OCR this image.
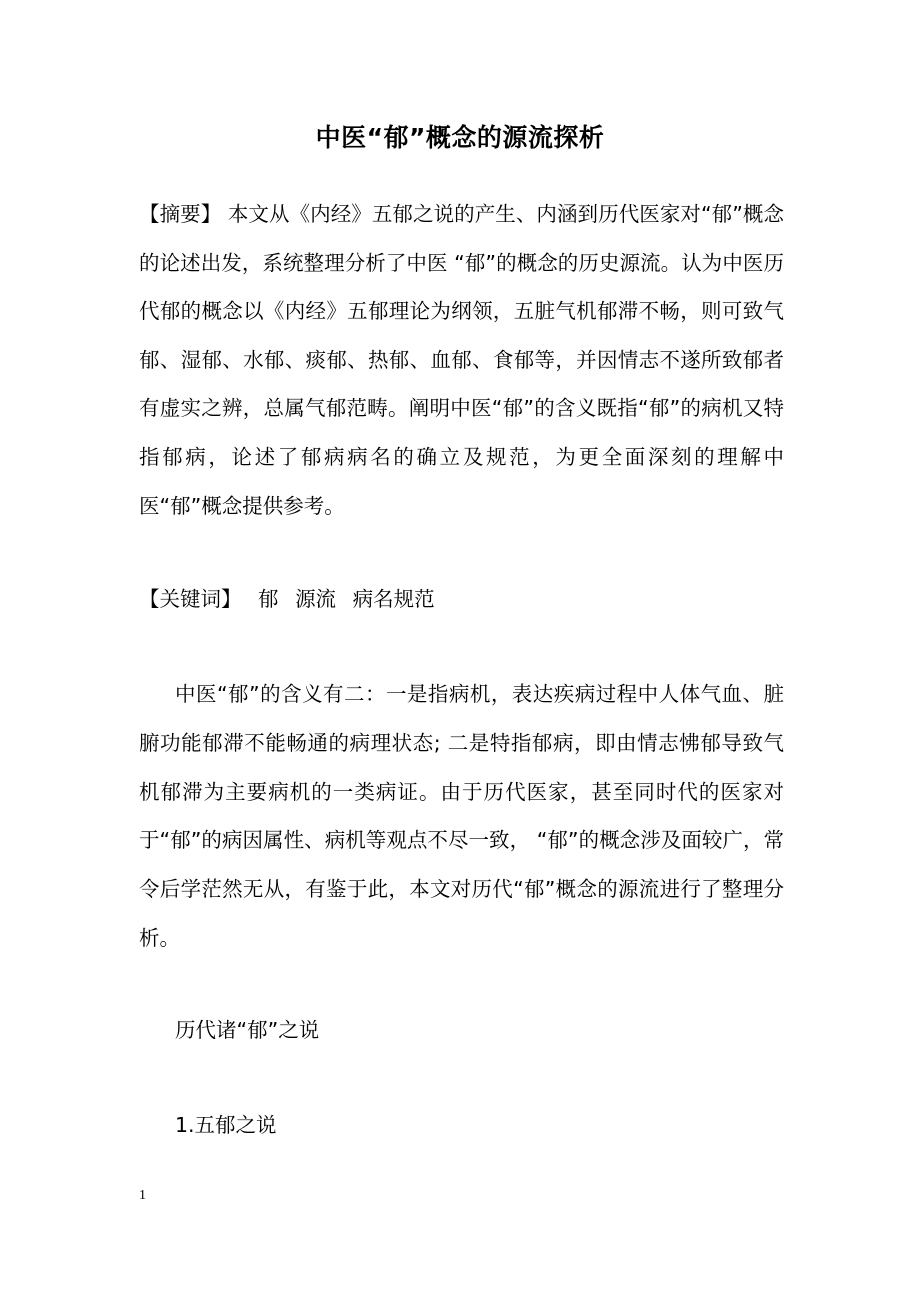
中医“郁”概念的源流探析
【摘要】 本文从《内经》五郁之说的产生、内涵到历代医家对“郁”概念的论述出发，系统整理分析了中医 “郁”的概念的历史源流。认为中医历代郁的概念以《内经》五郁理论为纲领，五脏气机郁滞不畅，则可致气郁、湿郁、水郁、痰郁、热郁、血郁、食郁等，并因情志不遂所致郁者有虚实之辨，总属气郁范畴。阐明中医“郁”的含义既指“郁”的病机又特指郁病，论述了郁病病名的确立及规范，为更全面深刻的理解中医“郁”概念提供参考。
【关键词】 郁 源流 病名规范
中医“郁”的含义有二：一是指病机，表达疾病过程中人体气血、脏腑功能郁滞不能畅通的病理状态; 二是特指郁病，即由情志怫郁导致气机郁滞为主要病机的一类病证。由于历代医家，甚至同时代的医家对于“郁”的病因属性、病机等观点不尽一致， “郁”的概念涉及面较广，常令后学茫然无从，有鉴于此，本文对历代“郁”概念的源流进行了整理分析。
历代诸“郁”之说
1.五郁之说
1
